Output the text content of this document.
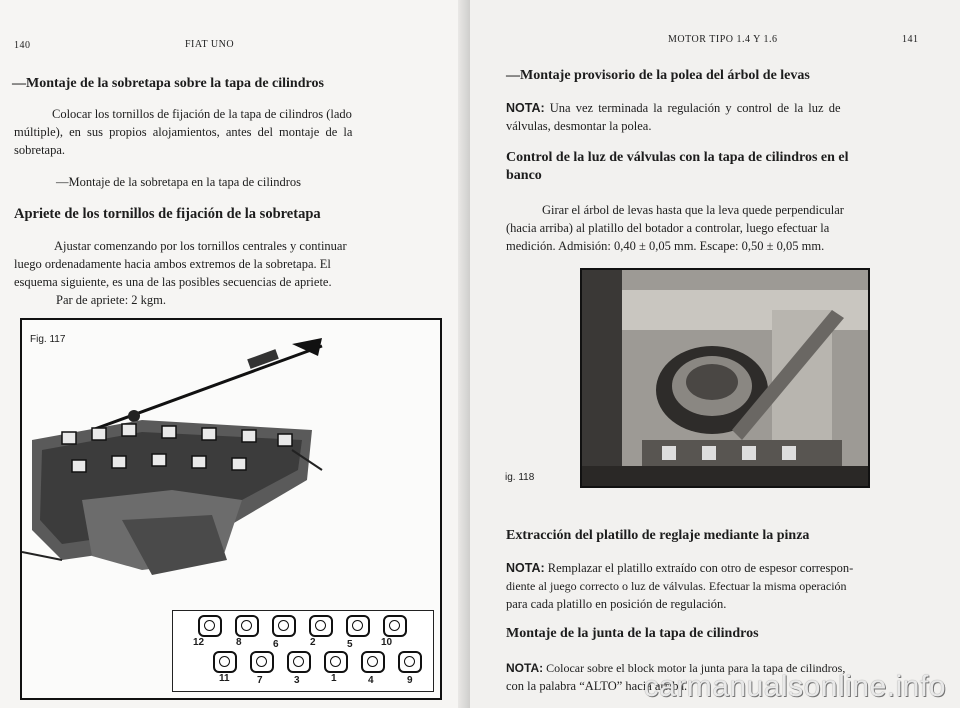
140	FIAT UNO
—Montaje de la sobretapa sobre la tapa de cilindros
Colocar los tornillos de fijación de la tapa de cilindros (lado
múltiple), en sus propios alojamientos, antes del montaje de la
sobretapa.
—Montaje de la sobretapa en la tapa de cilindros
Apriete de los tornillos de fijación de la sobretapa
Ajustar comenzando por los tornillos centrales y continuar
luego ordenadamente hacia ambos extremos de la sobretapa. El
esquema siguiente, es una de las posibles secuencias de apriete.
Par de apriete: 2 kgm.
Fig. 117
12	8	6	2	5	10
11	7	3	1	4	9
MOTOR TIPO 1.4 Y 1.6	141
—Montaje provisorio de la polea del árbol de levas
NOTA: Una vez terminada la regulación y control de la luz de
válvulas, desmontar la polea.
Control de la luz de válvulas con la tapa de cilindros en el
banco
Girar el árbol de levas hasta que la leva quede perpendicular
(hacia arriba) al platillo del botador a controlar, luego efectuar la
medición. Admisión: 0,40 ± 0,05 mm. Escape: 0,50 ± 0,05 mm.
Extracción del platillo de reglaje mediante la pinza
NOTA: Remplazar el platillo extraído con otro de espesor correspon-
diente al juego correcto o luz de válvulas. Efectuar la misma operación
para cada platillo en posición de regulación.
Montaje de la junta de la tapa de cilindros
NOTA: Colocar sobre el block motor la junta para la tapa de cilindros,
con la palabra “ALTO” hacia arriba.
ig. 118
carmanualsonline.info
